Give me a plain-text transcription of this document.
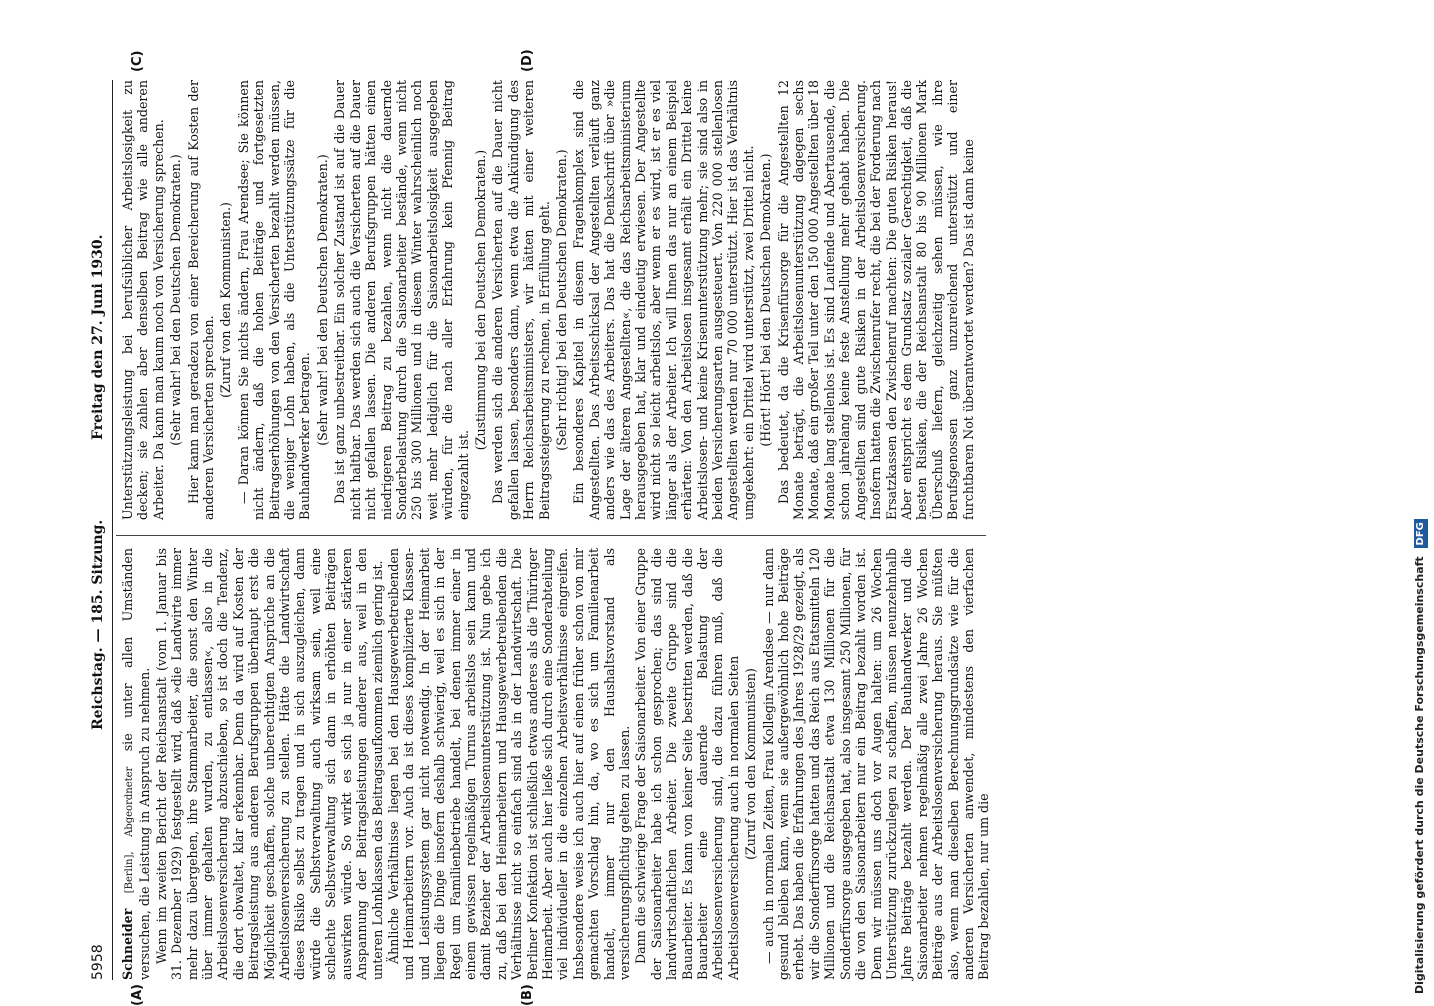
5958
Reichstag. — 185. Sitzung.
Freitag den 27. Juni 1930.
(A)	(B)
(C)	(D)

Schneider [Berlin], Abgeordneter sie unter allen Umständen versuchen, die Leistung in Anspruch zu nehmen. Wenn im zweiten Bericht der Reichsanstalt (vom 1. Januar bis 31. Dezember 1929) festgestellt wird, daß »die Landwirte immer mehr dazu übergehen, ihre Stammarbeiter, die sonst den Winter über immer gehalten wurden, zu entlassen«, also in die Arbeitslosenversicherung abzuschieben, so ist doch die Tendenz, die dort obwaltet, klar erkennbar. Denn da wird auf Kosten der Beitragsleistung aus anderen Berufsgruppen überhaupt erst die Möglichkeit geschaffen, solche unberechtigten Ansprüche an die Arbeitslosenversicherung zu stellen. Hätte die Landwirtschaft dieses Risiko selbst zu tragen und in sich auszugleichen, dann würde die Selbstverwaltung auch wirksam sein, weil eine schlechte Selbstverwaltung sich dann in erhöhten Beiträgen auswirken würde. So wirkt es sich ja nur in einer stärkeren Anspannung der Beitragsleistungen anderer aus, weil in den unteren Lohnklassen das Beitragsaufkommen ziemlich gering ist. Ähnliche Verhältnisse liegen bei den Hausgewerbetreibenden und Heimarbeitern vor. Auch da ist dieses komplizierte Klassen- und Leistungssystem gar nicht notwendig. In der Heimarbeit liegen die Dinge insofern deshalb schwierig, weil es sich in der Regel um Familienbetriebe handelt, bei denen immer einer in einem gewissen regelmäßigen Turnus arbeitslos sein kann und damit Bezieher der Arbeitslosenunterstützung ist. Nun gebe ich zu, daß bei den Heimarbeitern und Hausgewerbetreibenden die Verhältnisse nicht so einfach sind als in der Landwirtschaft. Die Berliner Konfektion ist schließlich etwas anderes als die Thüringer Heimarbeit. Aber auch hier ließe sich durch eine Sonderabteilung viel individueller in die einzelnen Arbeitsverhältnisse eingreifen. Insbesondere weise ich auch hier auf einen früher schon von mir gemachten Vorschlag hin, da, wo es sich um Familienarbeit handelt, immer nur den Haushaltsvorstand als versicherungspflichtig gelten zu lassen. Dann die schwierige Frage der Saisonarbeiter. Von einer Gruppe der Saisonarbeiter habe ich schon gesprochen; das sind die landwirtschaftlichen Arbeiter. Die zweite Gruppe sind die Bauarbeiter. Es kann von keiner Seite bestritten werden, daß die Bauarbeiter eine dauernde Belastung der Arbeitslosenversicherung sind, die dazu führen muß, daß die Arbeitslosenversicherung auch in normalen Seiten (Zuruf von den Kommunisten) — auch in normalen Zeiten, Frau Kollegin Arendsee — nur dann gesund bleiben kann, wenn sie außergewöhnlich hohe Beiträge erhebt. Das haben die Erfahrungen des Jahres 1928/29 gezeigt, als wir die Sonderfürsorge hatten und das Reich aus Etatsmitteln 120 Millionen und die Reichsanstalt etwa 130 Millionen für die Sonderfürsorge ausgegeben hat, also insgesamt 250 Millionen, für die von den Saisonarbeitern nur ein Beitrag bezahlt worden ist. Denn wir müssen uns doch vor Augen halten: um 26 Wochen Unterstützung zurückzulegen zu schaffen, müssen neunzehnhalb Jahre Beiträge bezahlt werden. Der Bauhandwerker und die Saisonarbeiter nehmen regelmäßig alle zwei Jahre 26 Wochen Beiträge aus der Arbeitslosenversicherung heraus. Sie müßten also, wenn man dieselben Berechnungsgrundsätze wie für die anderen Versicherten anwendet, mindestens den vierfachen Beitrag bezahlen, nur um die

Unterstützungsleistung bei berufsüblicher Arbeitslosigkeit zu decken; sie zahlen aber denselben Beitrag wie alle anderen Arbeiter. Da kann man kaum noch von Versicherung sprechen. (Sehr wahr! bei den Deutschen Demokraten.) Hier kann man geradezu von einer Bereicherung auf Kosten der anderen Versicherten sprechen.

(Zuruf von den Kommunisten.) — Daran können Sie nichts ändern, Frau Arendsee; Sie können nicht ändern, daß die hohen Beiträge und fortgesetzten Beitragserhöhungen von den Versicherten bezahlt werden müssen, die weniger Lohn haben, als die Unterstützungssätze für die Bauhandwerker betragen. (Sehr wahr! bei den Deutschen Demokraten.) Das ist ganz unbestreitbar. Ein solcher Zustand ist auf die Dauer nicht haltbar. Das werden sich auch die Versicherten auf die Dauer nicht gefallen lassen. Die anderen Berufsgruppen hätten einen niedrigeren Beitrag zu bezahlen, wenn nicht die dauernde Sonderbelastung durch die Saisonarbeiter bestände, wenn nicht 250 bis 300 Millionen und in diesem Winter wahrscheinlich noch weit mehr lediglich für die Saisonarbeitslosigkeit ausgegeben würden, für die nach aller Erfahrung kein Pfennig Beitrag eingezahlt ist.

(Zustimmung bei den Deutschen Demokraten.) Das werden sich die anderen Versicherten auf die Dauer nicht gefallen lassen, besonders dann, wenn etwa die Ankündigung des Herrn Reichsarbeitsministers, wir hätten mit einer weiteren Beitragssteigerung zu rechnen, in Erfüllung geht. (Sehr richtig! bei den Deutschen Demokraten.) Ein besonderes Kapitel in diesem Fragenkomplex sind die Angestellten. Das Arbeitsschicksal der Angestellten verläuft ganz anders wie das des Arbeiters. Das hat die Denkschrift über »die Lage der älteren Angestellten«, die das Reichsarbeitsministerium herausgegeben hat, klar und eindeutig erwiesen. Der Angestellte wird nicht so leicht arbeitslos, aber wenn er es wird, ist er es viel länger als der Arbeiter. Ich will Ihnen das nur an einem Beispiel erhärten: Von den Arbeitslosen insgesamt erhält ein Drittel keine Arbeitslosen- und keine Krisenunterstützung mehr; sie sind also in beiden Versicherungsarten ausgesteuert. Von 220 000 stellenlosen Angestellten werden nur 70 000 unterstützt. Hier ist das Verhältnis umgekehrt: ein Drittel wird unterstützt, zwei Drittel nicht. (Hört! Hört! bei den Deutschen Demokraten.) Das bedeutet, da die Krisenfürsorge für die Angestellten 12 Monate beträgt, die Arbeitslosenunterstützung dagegen sechs Monate, daß ein großer Teil unter den 150 000 Angestellten über 18 Monate lang stellenlos ist. Es sind Laufende und Abertausende, die schon jahrelang keine feste Anstellung mehr gehabt haben. Die Angestellten sind gute Risiken in der Arbeitslosenversicherung. Insofern hatten die Zwischenrufer recht, die bei der Forderung nach Ersatzkassen den Zwischenruf machten: Die guten Risiken heraus! Aber entspricht es dem Grundsatz sozialer Gerechtigkeit, daß die besten Risiken, die der Reichsanstalt 80 bis 90 Millionen Mark Überschuß liefern, gleichzeitig sehen müssen, wie ihre Berufsgenossen ganz unzureichend unterstützt und einer furchtbaren Not überantwortet werden? Das ist dann keine

Digitalisierung gefördert durch die Deutsche Forschungsgemeinschaft DFG
